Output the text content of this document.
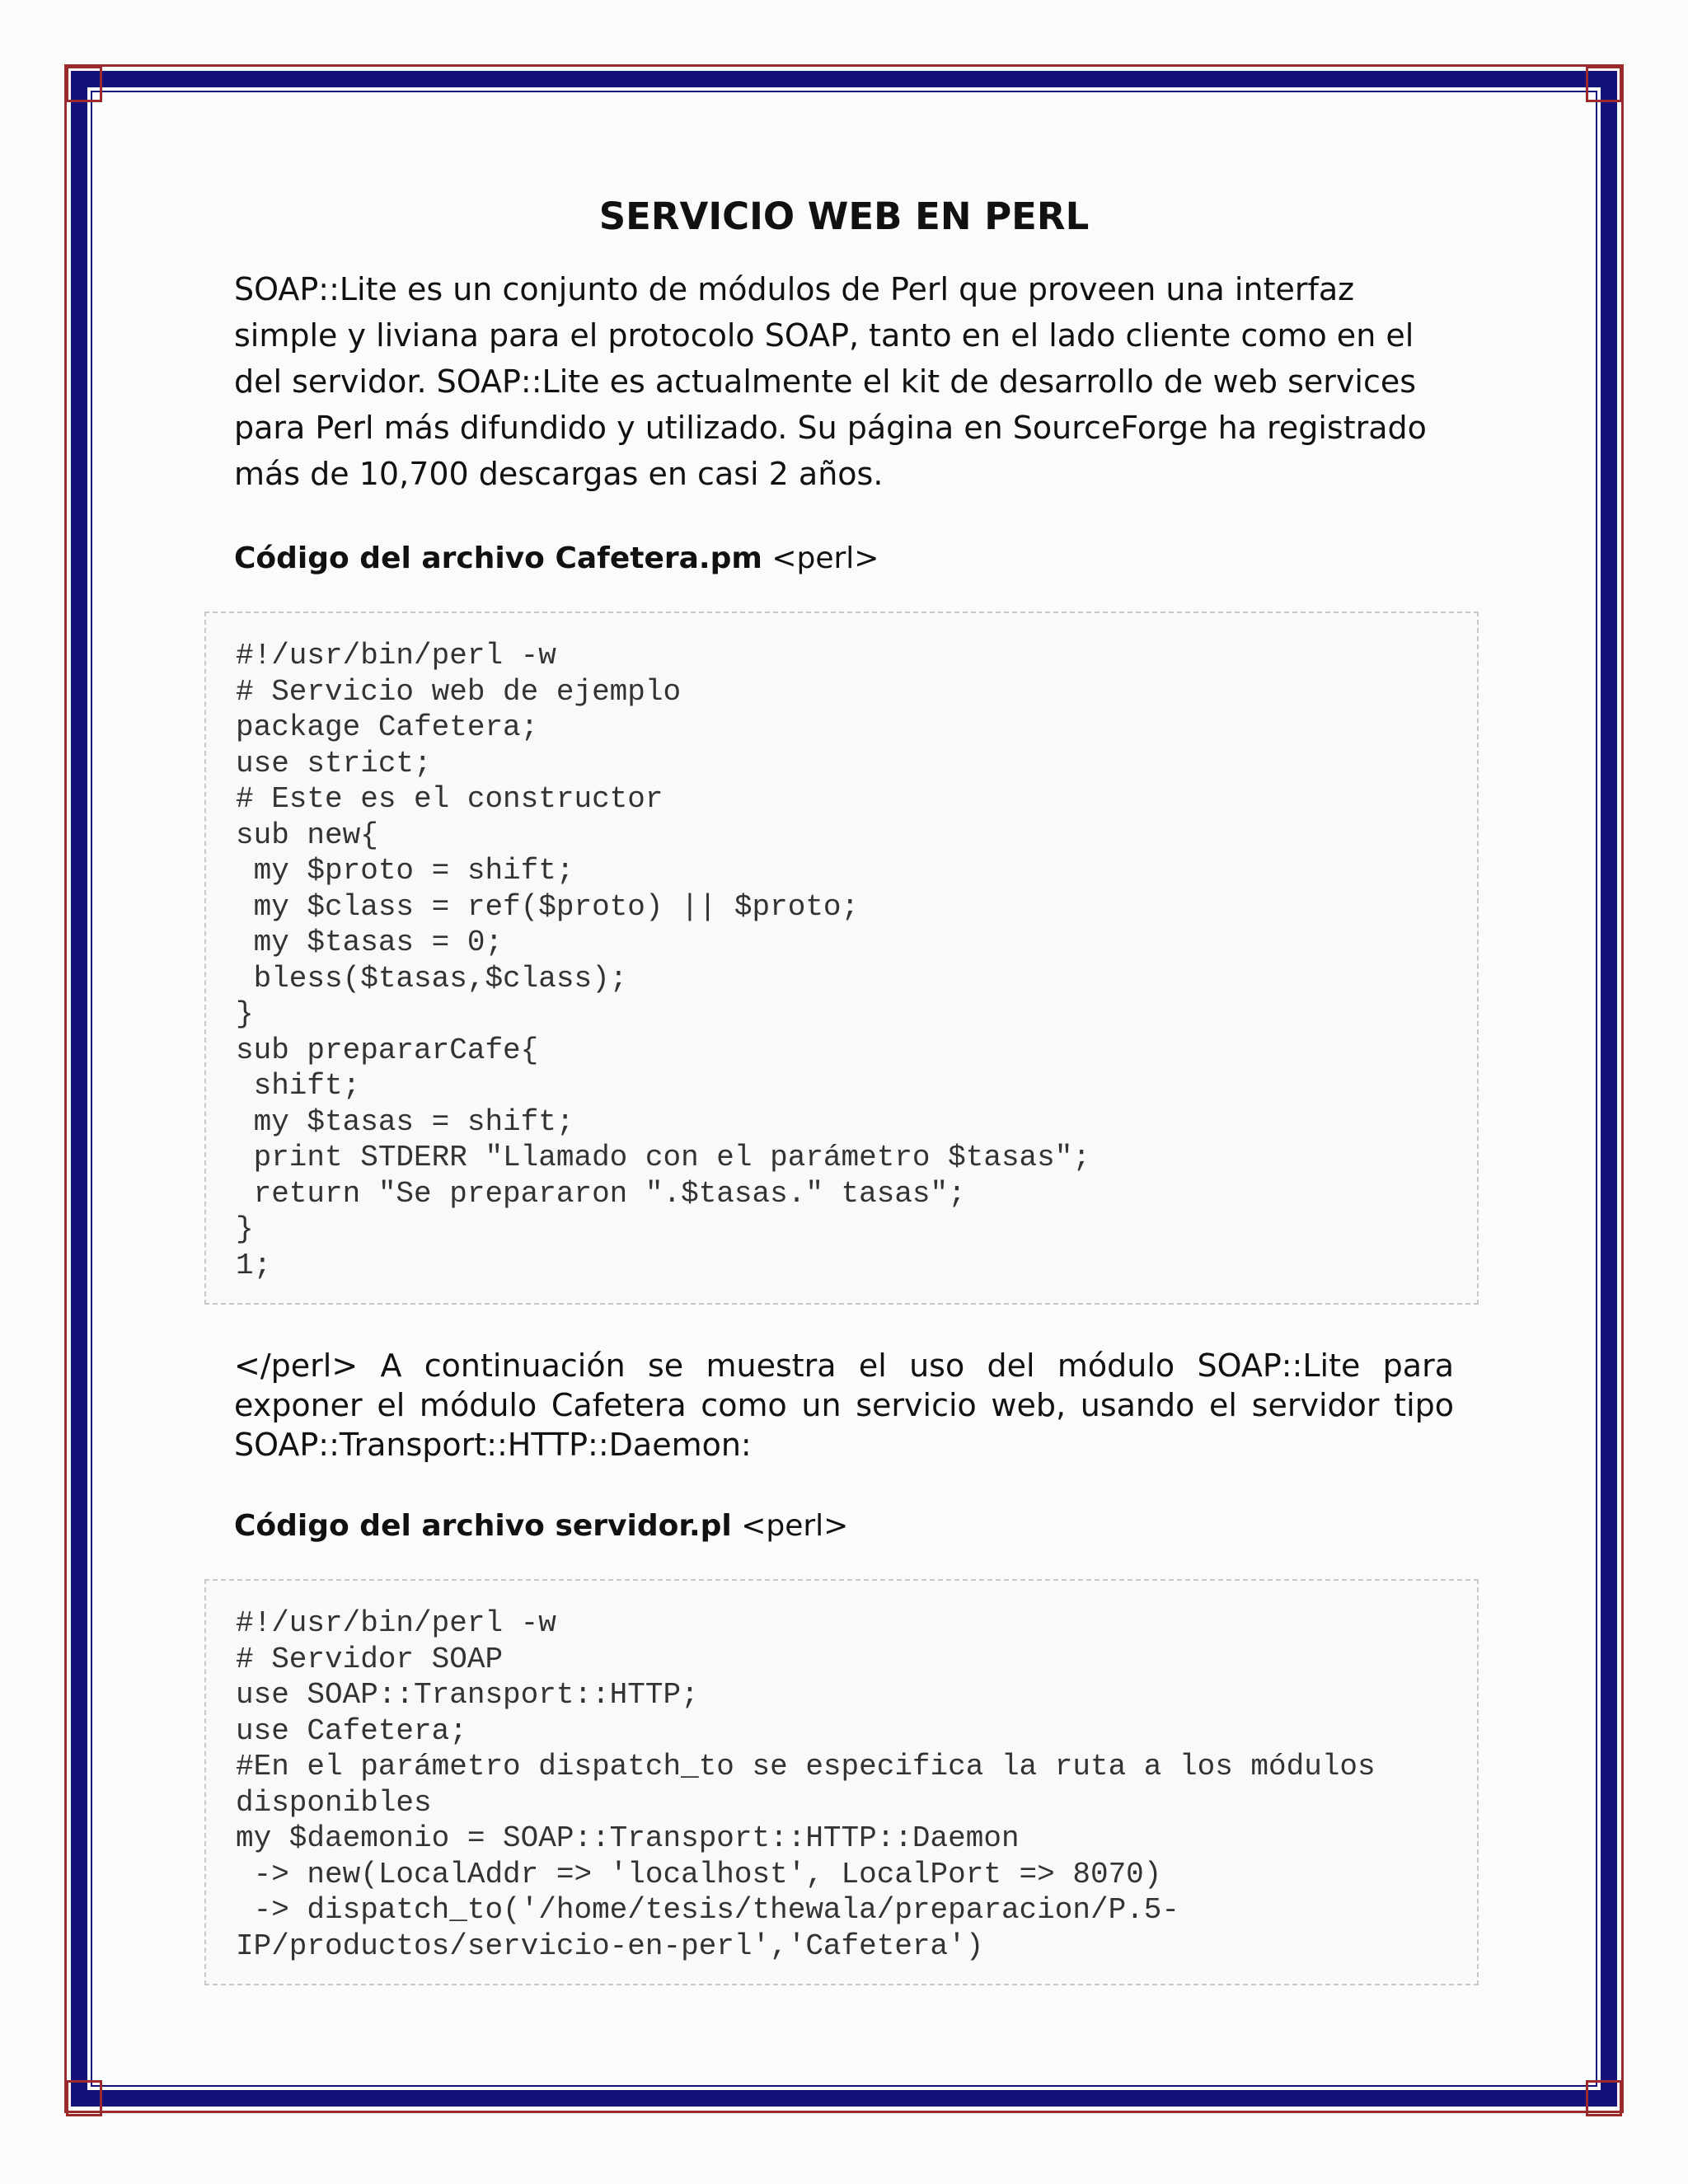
SERVICIO WEB EN PERL

SOAP::Lite es un conjunto de módulos de Perl que proveen una interfaz simple y liviana para el protocolo SOAP, tanto en el lado cliente como en el del servidor. SOAP::Lite es actualmente el kit de desarrollo de web services para Perl más difundido y utilizado. Su página en SourceForge ha registrado más de 10,700 descargas en casi 2 años.

Código del archivo Cafetera.pm <perl>
#!/usr/bin/perl -w
# Servicio web de ejemplo
package Cafetera;
use strict;
# Este es el constructor
sub new{
my $proto = shift;
my $class = ref($proto) || $proto;
my $tasas = 0;
bless($tasas,$class);
}
sub prepararCafe{
shift;
my $tasas = shift;
print STDERR "Llamado con el parámetro $tasas";
return "Se prepararon ".$tasas." tasas";
}
1;

</perl> A continuación se muestra el uso del módulo SOAP::Lite para exponer el módulo Cafetera como un servicio web, usando el servidor tipo SOAP::Transport::HTTP::Daemon:

Código del archivo servidor.pl <perl>
#!/usr/bin/perl -w
# Servidor SOAP
use SOAP::Transport::HTTP;
use Cafetera;
#En el parámetro dispatch_to se especifica la ruta a los módulos
disponibles
my $daemonio = SOAP::Transport::HTTP::Daemon
-> new(LocalAddr => 'localhost', LocalPort => 8070)
-> dispatch_to('/home/tesis/thewala/preparacion/P.5-
IP/productos/servicio-en-perl','Cafetera')
